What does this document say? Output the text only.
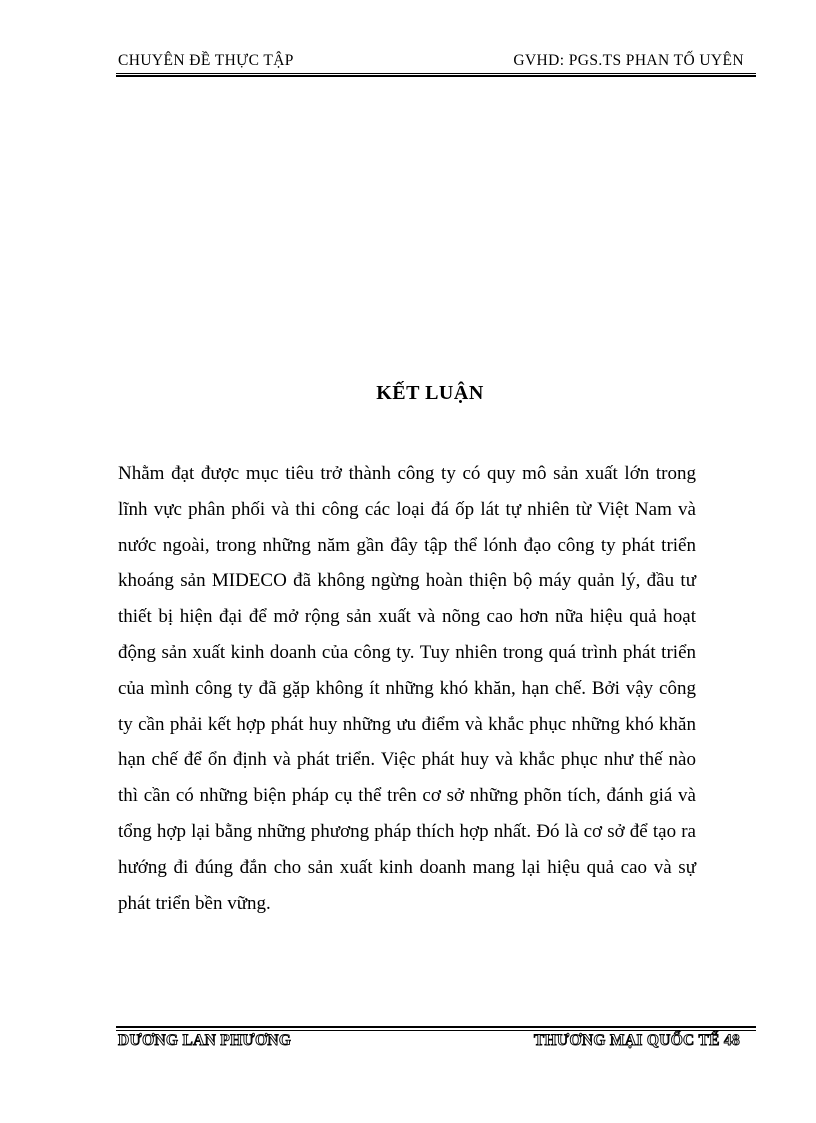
CHUYÊN ĐỀ THỰC TẬP	GVHD: PGS.TS PHAN TỐ UYÊN
KẾT LUẬN
Nhằm đạt được mục tiêu trở thành công ty có quy mô sản xuất lớn trong lĩnh vực phân phối và thi công các loại đá ốp lát tự nhiên từ Việt Nam và nước ngoài, trong những năm gần đây tập thể lónh đạo công ty phát triển khoáng sản MIDECO đã không ngừng hoàn thiện bộ máy quản lý, đầu tư thiết bị hiện đại để mở rộng sản xuất và nõng cao hơn nữa hiệu quả hoạt động sản xuất kinh doanh của công ty. Tuy nhiên trong quá trình phát triển của mình công ty đã gặp không ít những khó khăn, hạn chế. Bởi vậy công ty cần phải kết hợp phát huy những ưu điểm và khắc phục những khó khăn hạn chế để ổn định và phát triển. Việc phát huy và khắc phục như thế nào thì cần có những biện pháp cụ thể trên cơ sở những phõn tích, đánh giá và tổng hợp lại bằng những phương pháp thích hợp nhất. Đó là cơ sở để tạo ra hướng đi đúng đắn cho sản xuất kinh doanh mang lại hiệu quả cao và sự phát triển bền vững.
DƯƠNG LAN PHƯƠNG	THƯƠNG MẠI QUỐC TẾ 48
